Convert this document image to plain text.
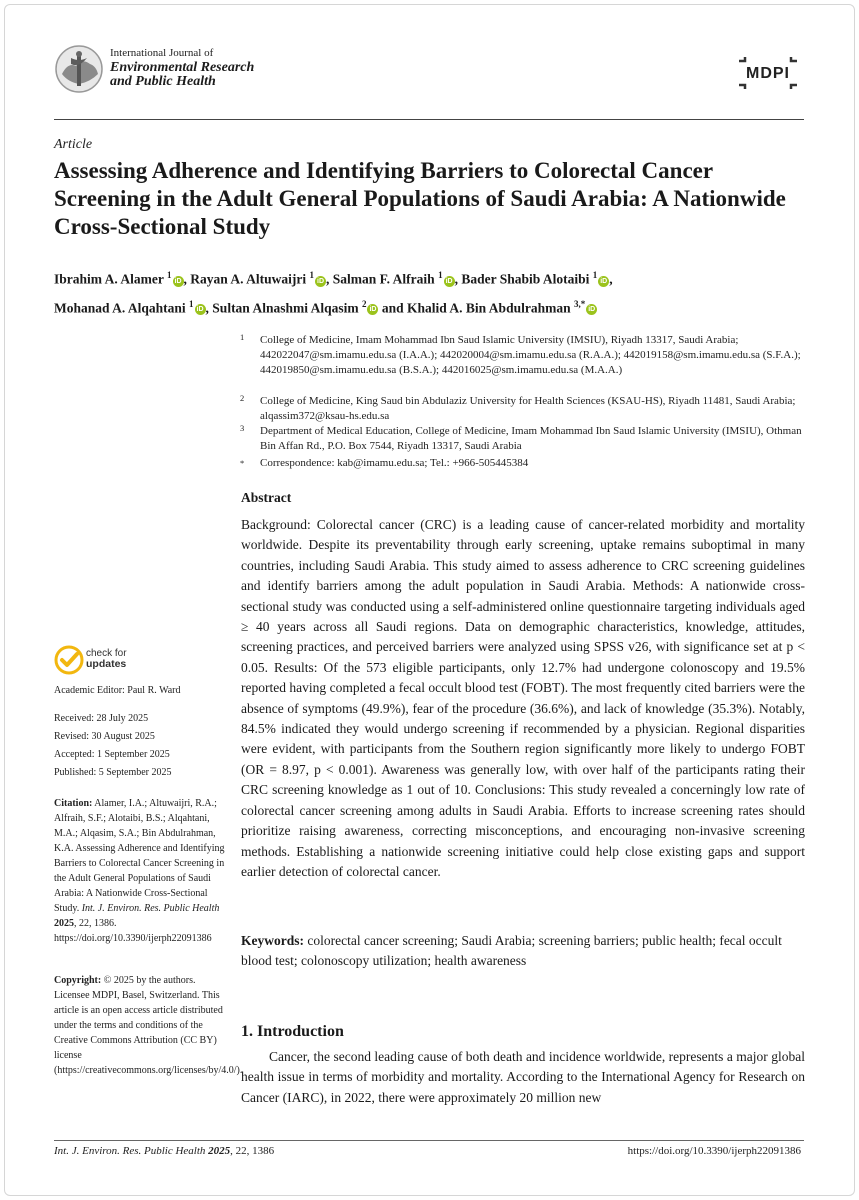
International Journal of
Environmental Research
and Public Health	MDPI
Article
Assessing Adherence and Identifying Barriers to Colorectal Cancer Screening in the Adult General Populations of Saudi Arabia: A Nationwide Cross-Sectional Study
Ibrahim A. Alamer $^1$iD , Rayan A. Altuwaijri $^1$iD , Salman F. Alfraih $^1$iD , Bader Shabib Alotaibi $^1$iD ,
Mohanad A. Alqahtani $^1$iD , Sultan Alnashmi Alqasim $^2$iD and Khalid A. Bin Abdulrahman $^{3,*}$iD
1 College of Medicine, Imam Mohammad Ibn Saud Islamic University (IMSIU), Riyadh 13317, Saudi Arabia; 442022047@sm.imamu.edu.sa (I.A.A.); 442020004@sm.imamu.edu.sa (R.A.A.); 442019158@sm.imamu.edu.sa (S.F.A.); 442019850@sm.imamu.edu.sa (B.S.A.); 442016025@sm.imamu.edu.sa (M.A.A.)
2 College of Medicine, King Saud bin Abdulaziz University for Health Sciences (KSAU-HS), Riyadh 11481, Saudi Arabia; alqassim372@ksau-hs.edu.sa
3 Department of Medical Education, College of Medicine, Imam Mohammad Ibn Saud Islamic University (IMSIU), Othman Bin Affan Rd., P.O. Box 7544, Riyadh 13317, Saudi Arabia
* Correspondence: kab@imamu.edu.sa; Tel.: +966-505445384
Abstract
Background: Colorectal cancer (CRC) is a leading cause of cancer-related morbidity and mortality worldwide. Despite its preventability through early screening, uptake remains suboptimal in many countries, including Saudi Arabia. This study aimed to assess adherence to CRC screening guidelines and identify barriers among the adult population in Saudi Arabia. Methods: A nationwide cross-sectional study was conducted using a self-administered online questionnaire targeting individuals aged ≥ 40 years across all Saudi regions. Data on demographic characteristics, knowledge, attitudes, screening practices, and perceived barriers were analyzed using SPSS v26, with significance set at p < 0.05. Results: Of the 573 eligible participants, only 12.7% had undergone colonoscopy and 19.5% reported having completed a fecal occult blood test (FOBT). The most frequently cited barriers were the absence of symptoms (49.9%), fear of the procedure (36.6%), and lack of knowledge (35.3%). Notably, 84.5% indicated they would undergo screening if recommended by a physician. Regional disparities were evident, with participants from the Southern region significantly more likely to undergo FOBT (OR = 8.97, p < 0.001). Awareness was generally low, with over half of the participants rating their CRC screening knowledge as 1 out of 10. Conclusions: This study revealed a concerningly low rate of colorectal cancer screening among adults in Saudi Arabia. Efforts to increase screening rates should prioritize raising awareness, correcting misconceptions, and encouraging non-invasive screening methods. Establishing a nationwide screening initiative could help close existing gaps and support earlier detection of colorectal cancer.
Keywords: colorectal cancer screening; Saudi Arabia; screening barriers; public health; fecal occult blood test; colonoscopy utilization; health awareness
1. Introduction
Cancer, the second leading cause of both death and incidence worldwide, represents a major global health issue in terms of morbidity and mortality. According to the International Agency for Research on Cancer (IARC), in 2022, there were approximately 20 million new
check for
updates
Academic Editor: Paul R. Ward
Received: 28 July 2025
Revised: 30 August 2025
Accepted: 1 September 2025
Published: 5 September 2025
Citation: Alamer, I.A.; Altuwaijri, R.A.; Alfraih, S.F.; Alotaibi, B.S.; Alqahtani, M.A.; Alqasim, S.A.; Bin Abdulrahman, K.A. Assessing Adherence and Identifying Barriers to Colorectal Cancer Screening in the Adult General Populations of Saudi Arabia: A Nationwide Cross-Sectional Study. Int. J. Environ. Res. Public Health 2025, 22, 1386. https://doi.org/10.3390/ijerph22091386
Copyright: © 2025 by the authors. Licensee MDPI, Basel, Switzerland. This article is an open access article distributed under the terms and conditions of the Creative Commons Attribution (CC BY) license (https://creativecommons.org/licenses/by/4.0/).
Int. J. Environ. Res. Public Health 2025, 22, 1386	https://doi.org/10.3390/ijerph22091386
